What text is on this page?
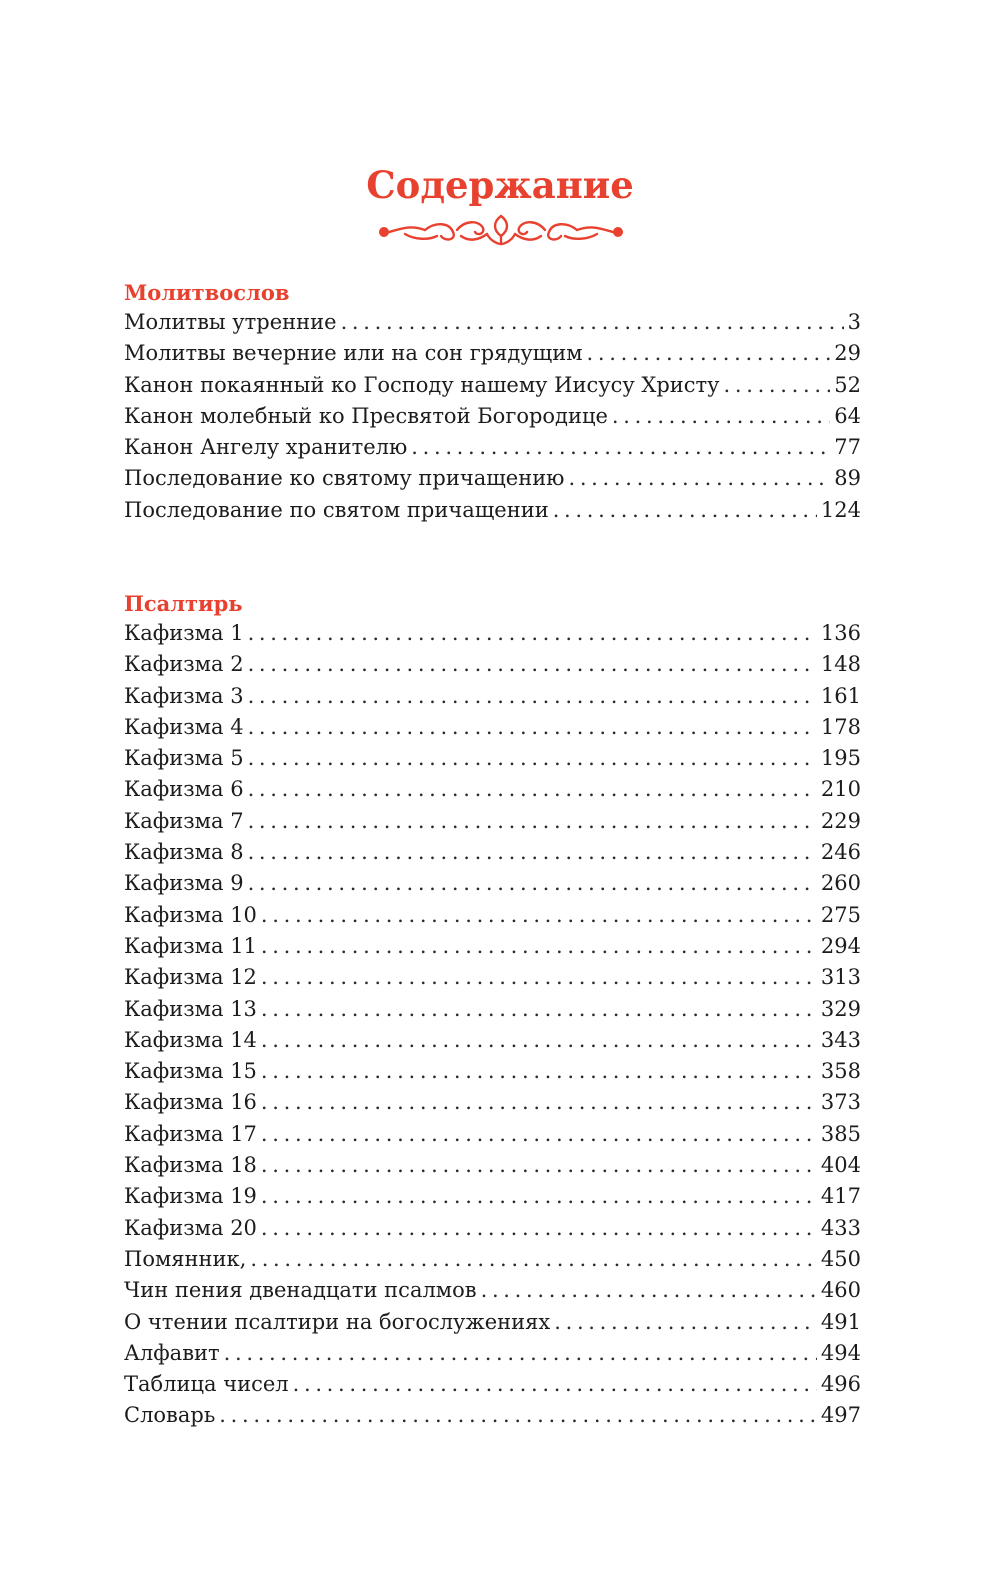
Содержание
Молитвослов
Молитвы утренние . . .	3
Молитвы вечерние или на сон грядущим . . .	29
Канон покаянный ко Господу нашему Иисусу Христу . . .	52
Канон молебный ко Пресвятой Богородице . . .	64
Канон Ангелу хранителю . . .	77
Последование ко святому причащению . . .	89
Последование по святом причащении . . .	124
Псалтирь
Кафизма 1 . . .	136
Кафизма 2 . . .	148
Кафизма 3 . . .	161
Кафизма 4 . . .	178
Кафизма 5 . . .	195
Кафизма 6 . . .	210
Кафизма 7 . . .	229
Кафизма 8 . . .	246
Кафизма 9 . . .	260
Кафизма 10 . . .	275
Кафизма 11 . . .	294
Кафизма 12 . . .	313
Кафизма 13 . . .	329
Кафизма 14 . . .	343
Кафизма 15 . . .	358
Кафизма 16 . . .	373
Кафизма 17 . . .	385
Кафизма 18 . . .	404
Кафизма 19 . . .	417
Кафизма 20 . . .	433
Помянник, . . .	450
Чин пения двенадцати псалмов . . .	460
О чтении псалтири на богослужениях . . .	491
Алфавит . . .	494
Таблица чисел . . .	496
Словарь . . .	497
